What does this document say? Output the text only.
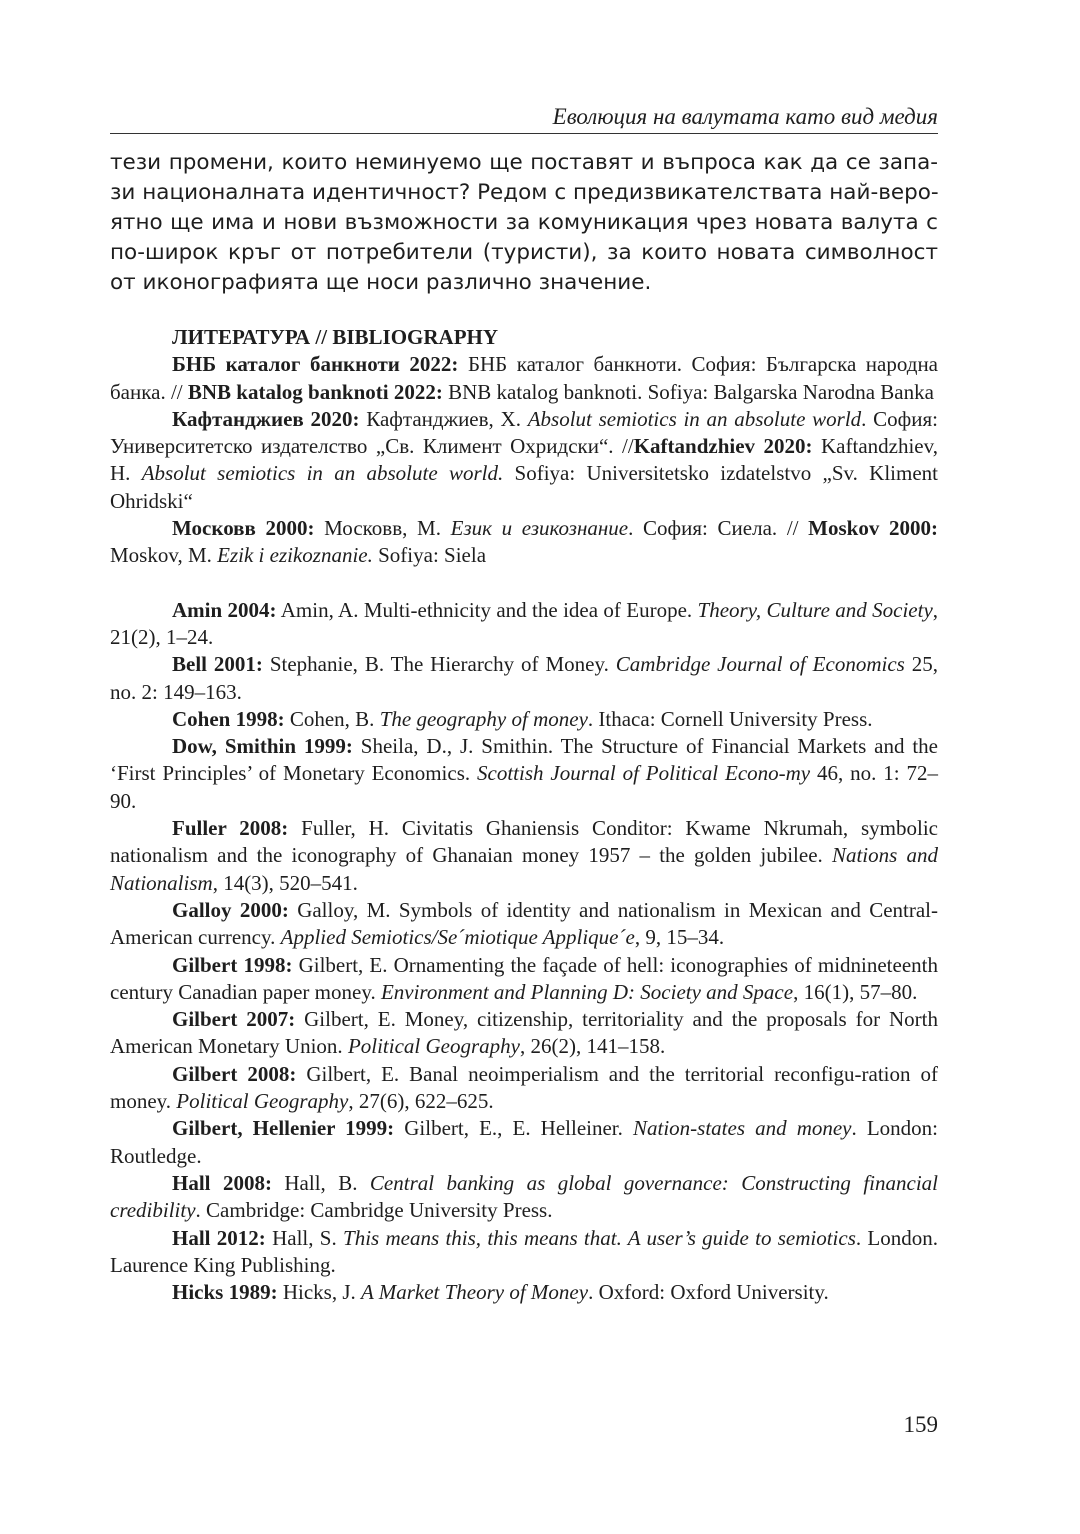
Еволюция на валутата като вид медия
тези промени, които неминуемо ще поставят и въпроса как да се запа-
зи националната идентичност? Редом с предизвикателствата най-веро-
ятно ще има и нови възможности за комуникация чрез новата валута с
по-широк кръг от потребители (туристи), за които новата символност
от иконографията ще носи различно значение.

ЛИТЕРАТУРА // BIBLIOGRAPHY

БНБ каталог банкноти 2022: БНБ каталог банкноти. София: Българска народна банка. // BNB katalog banknoti 2022: BNB katalog banknoti. Sofiya: Balgarska Narodna Banka

Кафтанджиев 2020: Кафтанджиев, Х. Absolut semiotics in an absolute world. София: Университетско издателство „Св. Климент Охридски“. //Kaftandzhiev 2020: Kaftandzhiev, H. Absolut semiotics in an absolute world. Sofiya: Universitetsko izdatelstvo „Sv. Kliment Ohridski“

Московв 2000: Московв, М. Език и езикознание. София: Сиела. // Moskov 2000: Moskov, M. Ezik i ezikoznanie. Sofiya: Siela

Amin 2004: Amin, A. Multi-ethnicity and the idea of Europe. Theory, Culture and Society, 21(2), 1–24.

Bell 2001: Stephanie, B. The Hierarchy of Money. Cambridge Journal of Economics 25, no. 2: 149–163.

Cohen 1998: Cohen, B. The geography of money. Ithaca: Cornell University Press.

Dow, Smithin 1999: Sheila, D., J. Smithin. The Structure of Financial Markets and the ‘First Principles’ of Monetary Economics. Scottish Journal of Political Econo-my 46, no. 1: 72–90.

Fuller 2008: Fuller, H. Civitatis Ghaniensis Conditor: Kwame Nkrumah, symbolic nationalism and the iconography of Ghanaian money 1957 – the golden jubilee. Nations and Nationalism, 14(3), 520–541.

Galloy 2000: Galloy, M. Symbols of identity and nationalism in Mexican and Central-American currency. Applied Semiotics/Se´miotique Applique´e, 9, 15–34.

Gilbert 1998: Gilbert, E. Ornamenting the façade of hell: iconographies of midnineteenth century Canadian paper money. Environment and Planning D: Society and Space, 16(1), 57–80.

Gilbert 2007: Gilbert, E. Money, citizenship, territoriality and the proposals for North American Monetary Union. Political Geography, 26(2), 141–158.

Gilbert 2008: Gilbert, E. Banal neoimperialism and the territorial reconfigu-ration of money. Political Geography, 27(6), 622–625.

Gilbert, Hellenier 1999: Gilbert, E., E. Helleiner. Nation-states and money. London: Routledge.

Hall 2008: Hall, B. Central banking as global governance: Constructing financial credibility. Cambridge: Cambridge University Press.

Hall 2012: Hall, S. This means this, this means that. A user’s guide to semiotics. London. Laurence King Publishing.

Hicks 1989: Hicks, J. A Market Theory of Money. Oxford: Oxford University.

159
